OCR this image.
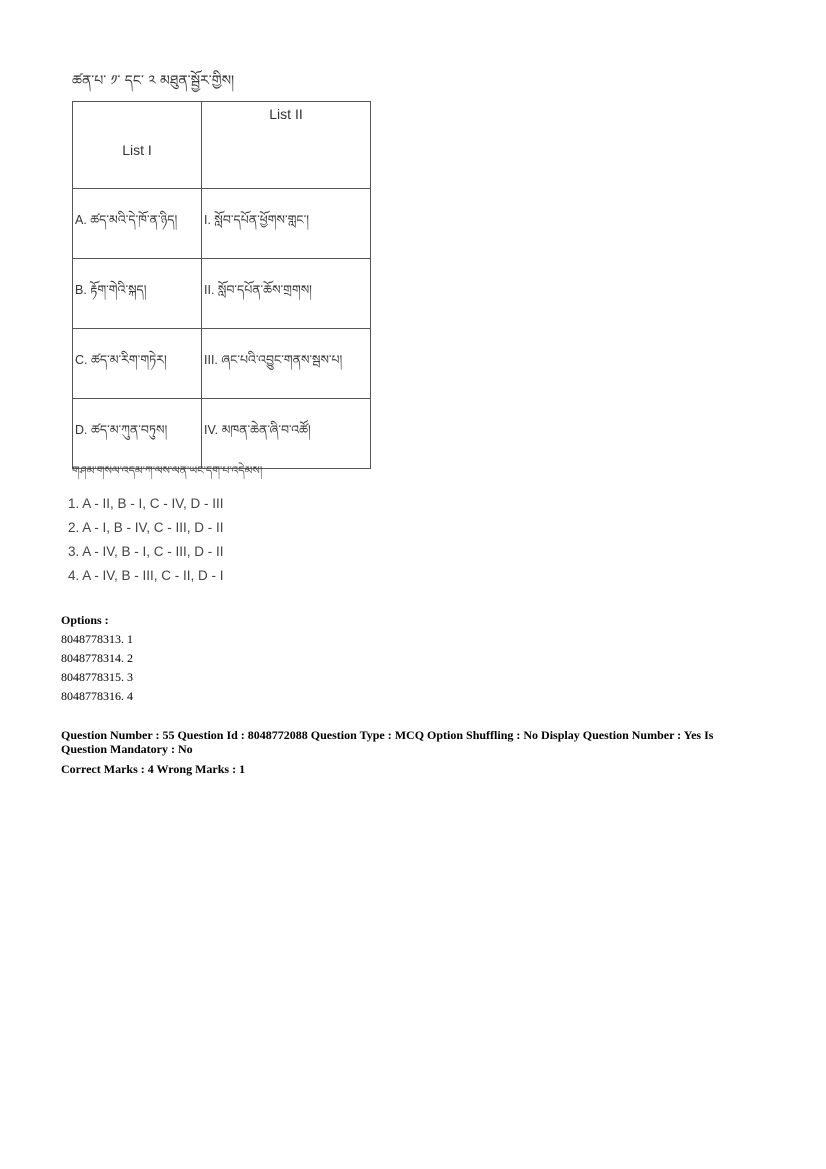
ཚན་པ་ ༡་ དང་ ༢ མཐུན་སྦྱོར་གྱིས།
List I	List II
A. ཚད་མའི་དེ་ཁོ་ན་ཉིད།	I. སློབ་དཔོན་ཕྱོགས་གླང་།
B. རྟོག་གེའི་སྐད།	II. སློབ་དཔོན་ཆོས་གྲགས།
C. ཚད་མ་རིག་གཏེར།	III. ཞང་པའི་འབྱུང་གནས་སྦས་པ།
D. ཚད་མ་ཀུན་བཏུས།	IV. མཁན་ཆེན་ཞི་བ་འཚོ།
གཤམ་གསལ་འདམ་ཀ་ལས་ལན་ཡང་དག་པ་འདེམས།
1. A - II, B - I, C - IV, D - III
2. A - I, B - IV, C - III, D - II
3. A - IV, B - I, C - III, D - II
4. A - IV, B - III, C - II, D - I
Options :
8048778313. 1
8048778314. 2
8048778315. 3
8048778316. 4
Question Number : 55 Question Id : 8048772088 Question Type : MCQ Option Shuffling : No Display Question Number : Yes Is Question Mandatory : No
Correct Marks : 4 Wrong Marks : 1
